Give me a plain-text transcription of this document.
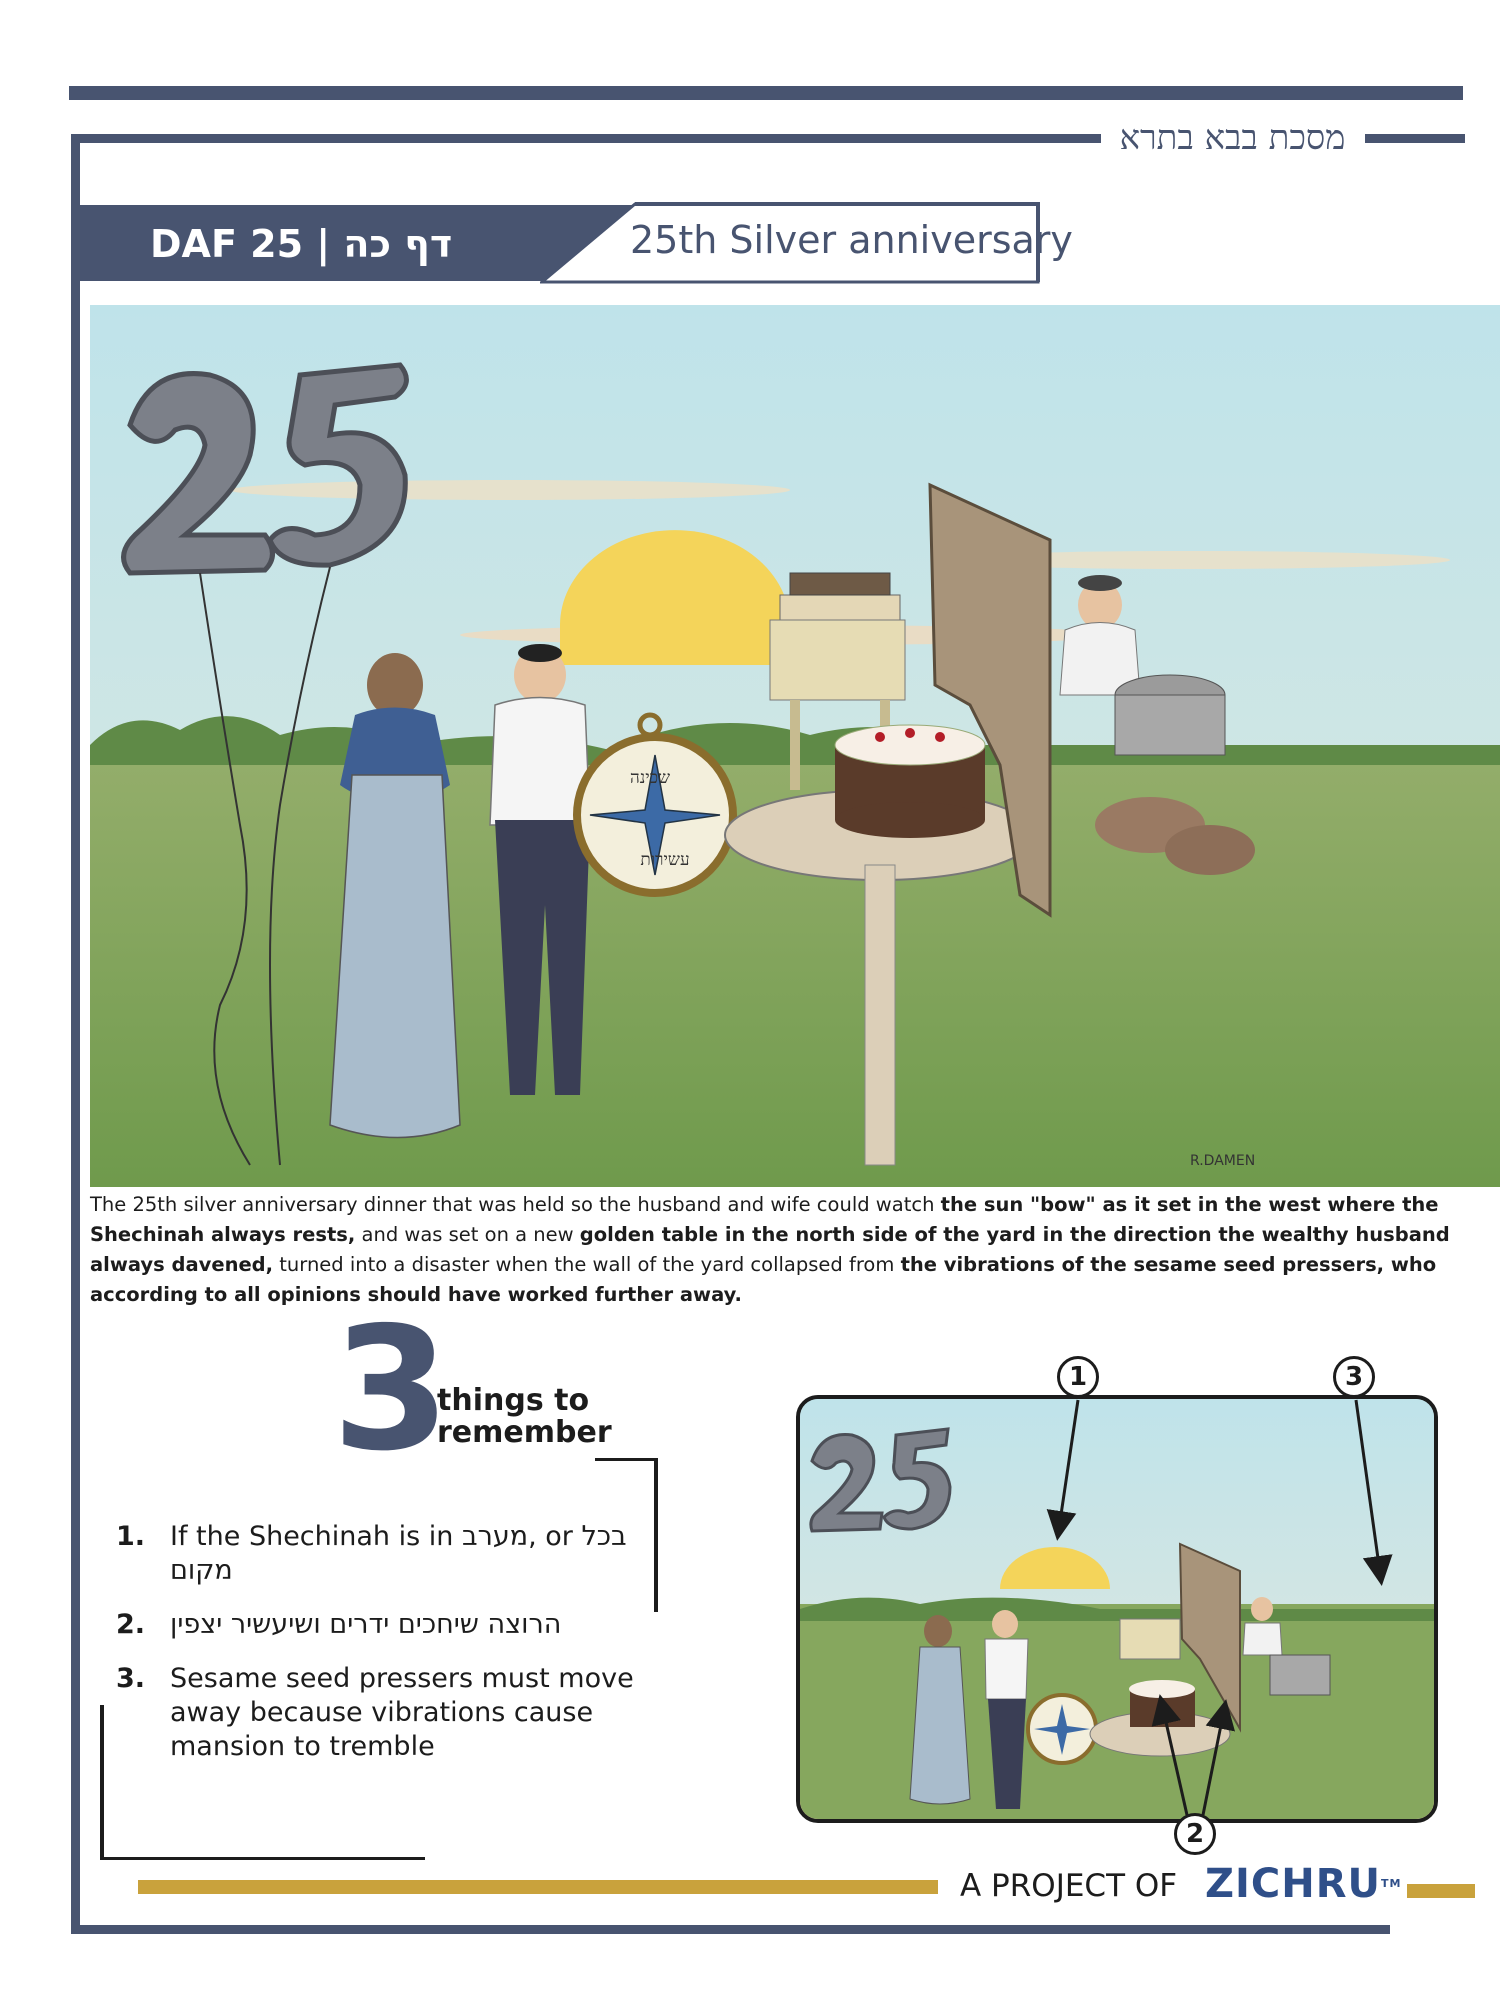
מסכת בבא בתרא
DAF 25 | דף כה	25th Silver anniversary
שכינה
עשירות
R.DAMEN
The 25th silver anniversary dinner that was held so the husband and wife could watch the sun "bow" as it set in the west where the Shechinah always rests, and was set on a new golden table in the north side of the yard in the direction the wealthy husband always davened, turned into a disaster when the wall of the yard collapsed from the vibrations of the sesame seed pressers, who according to all opinions should have worked further away.
3
things to
remember
1. If the Shechinah is in מערב, or בכל מקום
2. הרוצה שיחכים ידרים ושיעשיר יצפין
3. Sesame seed pressers must move away because vibrations cause mansion to tremble
1	3
2
A PROJECT OF ZICHRU™
